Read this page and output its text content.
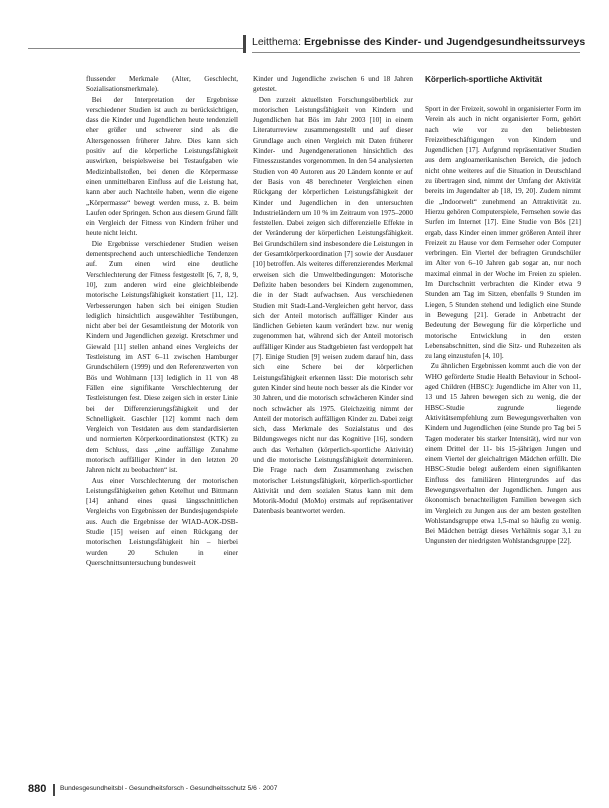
Leitthema: Ergebnisse des Kinder- und Jugendgesundheitssurveys

flussender Merkmale (Alter, Geschlecht, Sozialisationsmerkmale).

Bei der Interpretation der Ergebnisse verschiedener Studien ist auch zu berücksichtigen, dass die Kinder und Jugendlichen heute tendenziell eher größer und schwerer sind als die Altersgenossen früherer Jahre. Dies kann sich positiv auf die körperliche Leistungsfähigkeit auswirken, beispielsweise bei Testaufgaben wie Medizinballstoßen, bei denen die Körpermasse einen unmittelbaren Einfluss auf die Leistung hat, kann aber auch Nachteile haben, wenn die eigene „Körpermasse“ bewegt werden muss, z. B. beim Laufen oder Springen. Schon aus diesem Grund fällt ein Vergleich der Fitness von Kindern früher und heute nicht leicht.

Die Ergebnisse verschiedener Studien weisen dementsprechend auch unterschiedliche Tendenzen auf. Zum einen wird eine deutliche Verschlechterung der Fitness festgestellt [6, 7, 8, 9, 10], zum anderen wird eine gleichbleibende motorische Leistungsfähigkeit konstatiert [11, 12]. Verbesserungen haben sich bei einigen Studien lediglich hinsichtlich ausgewählter Testübungen, nicht aber bei der Gesamtleistung der Motorik von Kindern und Jugendlichen gezeigt. Kretschmer und Giewald [11] stellen anhand eines Vergleichs der Testleistung im AST 6–11 zwischen Hamburger Grundschülern (1999) und den Referenzwerten von Bös und Wohlmann [13] lediglich in 11 von 48 Fällen eine signifikante Verschlechterung der Testleistungen fest. Diese zeigen sich in erster Linie bei der Differenzierungsfähigkeit und der Schnelligkeit. Gaschler [12] kommt nach dem Vergleich von Testdaten aus dem standardisierten und normierten Körperkoordinationstest (KTK) zu dem Schluss, dass „eine auffällige Zunahme motorisch auffälliger Kinder in den letzten 20 Jahren nicht zu beobachten“ ist.

Aus einer Vorschlechterung der motorischen Leistungsfähigkeiten gehen Ketelhut und Bittmann [14] anhand eines quasi längsschnittlichen Vergleichs von Ergebnissen der Bundesjugendspiele aus. Auch die Ergebnisse der WIAD-AOK-DSB-Studie [15] weisen auf einen Rückgang der motorischen Leistungsfähigkeit hin – hierbei wurden 20 Schulen in einer Querschnittsuntersuchung bundesweit

Kinder und Jugendliche zwischen 6 und 18 Jahren getestet.

Den zurzeit aktuellsten Forschungsüberblick zur motorischen Leistungsfähigkeit von Kindern und Jugendlichen hat Bös im Jahr 2003 [10] in einem Literaturreview zusammengestellt und auf dieser Grundlage auch einen Vergleich mit Daten früherer Kinder- und Jugendgenerationen hinsichtlich des Fitnesszustandes vorgenommen. In den 54 analysierten Studien von 40 Autoren aus 20 Ländern konnte er auf der Basis von 48 berechneter Vergleichen einen Rückgang der körperlichen Leistungsfähigkeit der Kinder und Jugendlichen in den untersuchten Industrieländern um 10 % im Zeitraum von 1975–2000 feststellen. Dabei zeigen sich differenzielle Effekte in der Veränderung der körperlichen Leistungsfähigkeit. Bei Grundschülern sind insbesondere die Leistungen in der Gesamtkörperkoordination [7] sowie der Ausdauer [10] betroffen. Als weiteres differenzierendes Merkmal erweisen sich die Umweltbedingungen: Motorische Defizite haben besonders bei Kindern zugenommen, die in der Stadt aufwachsen. Aus verschiedenen Studien mit Stadt-Land-Vergleichen geht hervor, dass sich der Anteil motorisch auffälliger Kinder aus ländlichen Gebieten kaum verändert bzw. nur wenig zugenommen hat, während sich der Anteil motorisch auffälliger Kinder aus Stadtgebieten fast verdoppelt hat [7]. Einige Studien [9] weisen zudem darauf hin, dass sich eine Schere bei der körperlichen Leistungsfähigkeit erkennen lässt: Die motorisch sehr guten Kinder sind heute noch besser als die Kinder vor 30 Jahren, und die motorisch schwächeren Kinder sind noch schwächer als 1975. Gleichzeitig nimmt der Anteil der motorisch auffälligen Kinder zu. Dabei zeigt sich, dass Merkmale des Sozialstatus und des Bildungsweges nicht nur das Kognitive [16], sondern auch das Verhalten (körperlich-sportliche Aktivität) und die motorische Leistungsfähigkeit determinieren. Die Frage nach dem Zusammenhang zwischen motorischer Leistungsfähigkeit, körperlich-sportlicher Aktivität und dem sozialen Status kann mit dem Motorik-Modul (MoMo) erstmals auf repräsentativer Datenbasis beantwortet werden.

Körperlich-sportliche Aktivität

Sport in der Freizeit, sowohl in organisierter Form im Verein als auch in nicht organisierter Form, gehört nach wie vor zu den beliebtesten Freizeitbeschäftigungen von Kindern und Jugendlichen [17]. Aufgrund repräsentativer Studien aus dem angloamerikanischen Bereich, die jedoch nicht ohne weiteres auf die Situation in Deutschland zu übertragen sind, nimmt der Umfang der Aktivität bereits im Jugendalter ab [18, 19, 20]. Zudem nimmt die „Indoorwelt“ zunehmend an Attraktivität zu. Hierzu gehören Computerspiele, Fernsehen sowie das Surfen im Internet [17]. Eine Studie von Bös [21] ergab, dass Kinder einen immer größeren Anteil ihrer Freizeit zu Hause vor dem Fernseher oder Computer verbringen. Ein Viertel der befragten Grundschüler im Alter von 6–10 Jahren gab sogar an, nur noch maximal einmal in der Woche im Freien zu spielen. Im Durchschnitt verbrachten die Kinder etwa 9 Stunden am Tag im Sitzen, ebenfalls 9 Stunden im Liegen, 5 Stunden stehend und lediglich eine Stunde in Bewegung [21]. Gerade in Anbetracht der Bedeutung der Bewegung für die körperliche und motorische Entwicklung in den ersten Lebensabschnitten, sind die Sitz- und Ruhezeiten als zu lang einzustufen [4, 10].

Zu ähnlichen Ergebnissen kommt auch die von der WHO geförderte Studie Health Behaviour in School-aged Children (HBSC): Jugendliche im Alter von 11, 13 und 15 Jahren bewegen sich zu wenig, die der HBSC-Studie zugrunde liegende Aktivitätsempfehlung zum Bewegungsverhalten von Kindern und Jugendlichen (eine Stunde pro Tag bei 5 Tagen moderater bis starker Intensität), wird nur von einem Drittel der 11- bis 15-jährigen Jungen und einem Viertel der gleichaltrigen Mädchen erfüllt. Die HBSC-Studie belegt außerdem einen signifikanten Einfluss des familiären Hintergrundes auf das Bewegungsverhalten der Jugendlichen. Jungen aus ökonomisch benachteiligten Familien bewegen sich im Vergleich zu Jungen aus der am besten gestellten Wohlstandsgruppe etwa 1,5-mal so häufig zu wenig. Bei Mädchen beträgt dieses Verhältnis sogar 3,1 zu Ungunsten der niedrigsten Wohlstandsgruppe [22].

880 Bundesgesundheitsbl - Gesundheitsforsch - Gesundheitsschutz 5/6 · 2007
